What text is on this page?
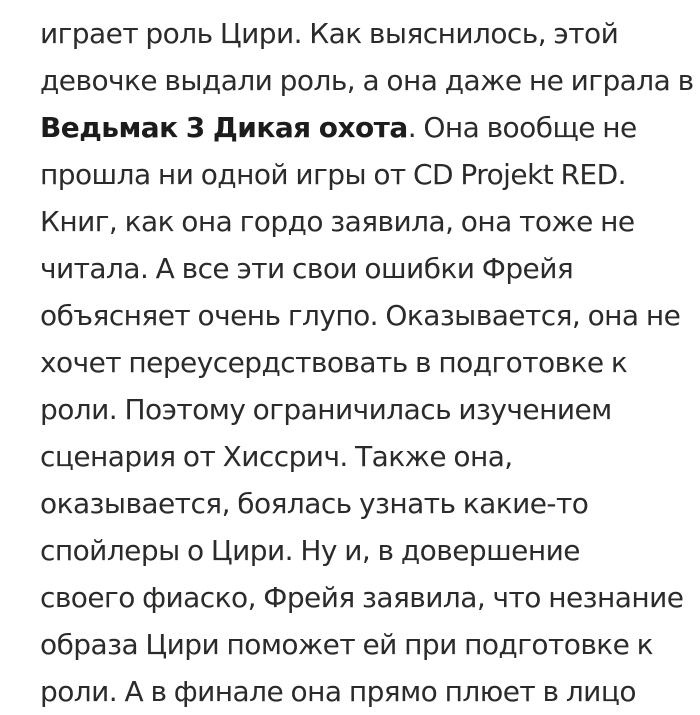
играет роль Цири. Как выяснилось, этой
девочке выдали роль, а она даже не играла в
Ведьмак 3 Дикая охота. Она вообще не
прошла ни одной игры от CD Projekt RED.
Книг, как она гордо заявила, она тоже не
читала. А все эти свои ошибки Фрейя
объясняет очень глупо. Оказывается, она не
хочет переусердствовать в подготовке к
роли. Поэтому ограничилась изучением
сценария от Хиссрич. Также она,
оказывается, боялась узнать какие-то
спойлеры о Цири. Ну и, в довершение
своего фиаско, Фрейя заявила, что незнание
образа Цири поможет ей при подготовке к
роли. А в финале она прямо плюет в лицо
